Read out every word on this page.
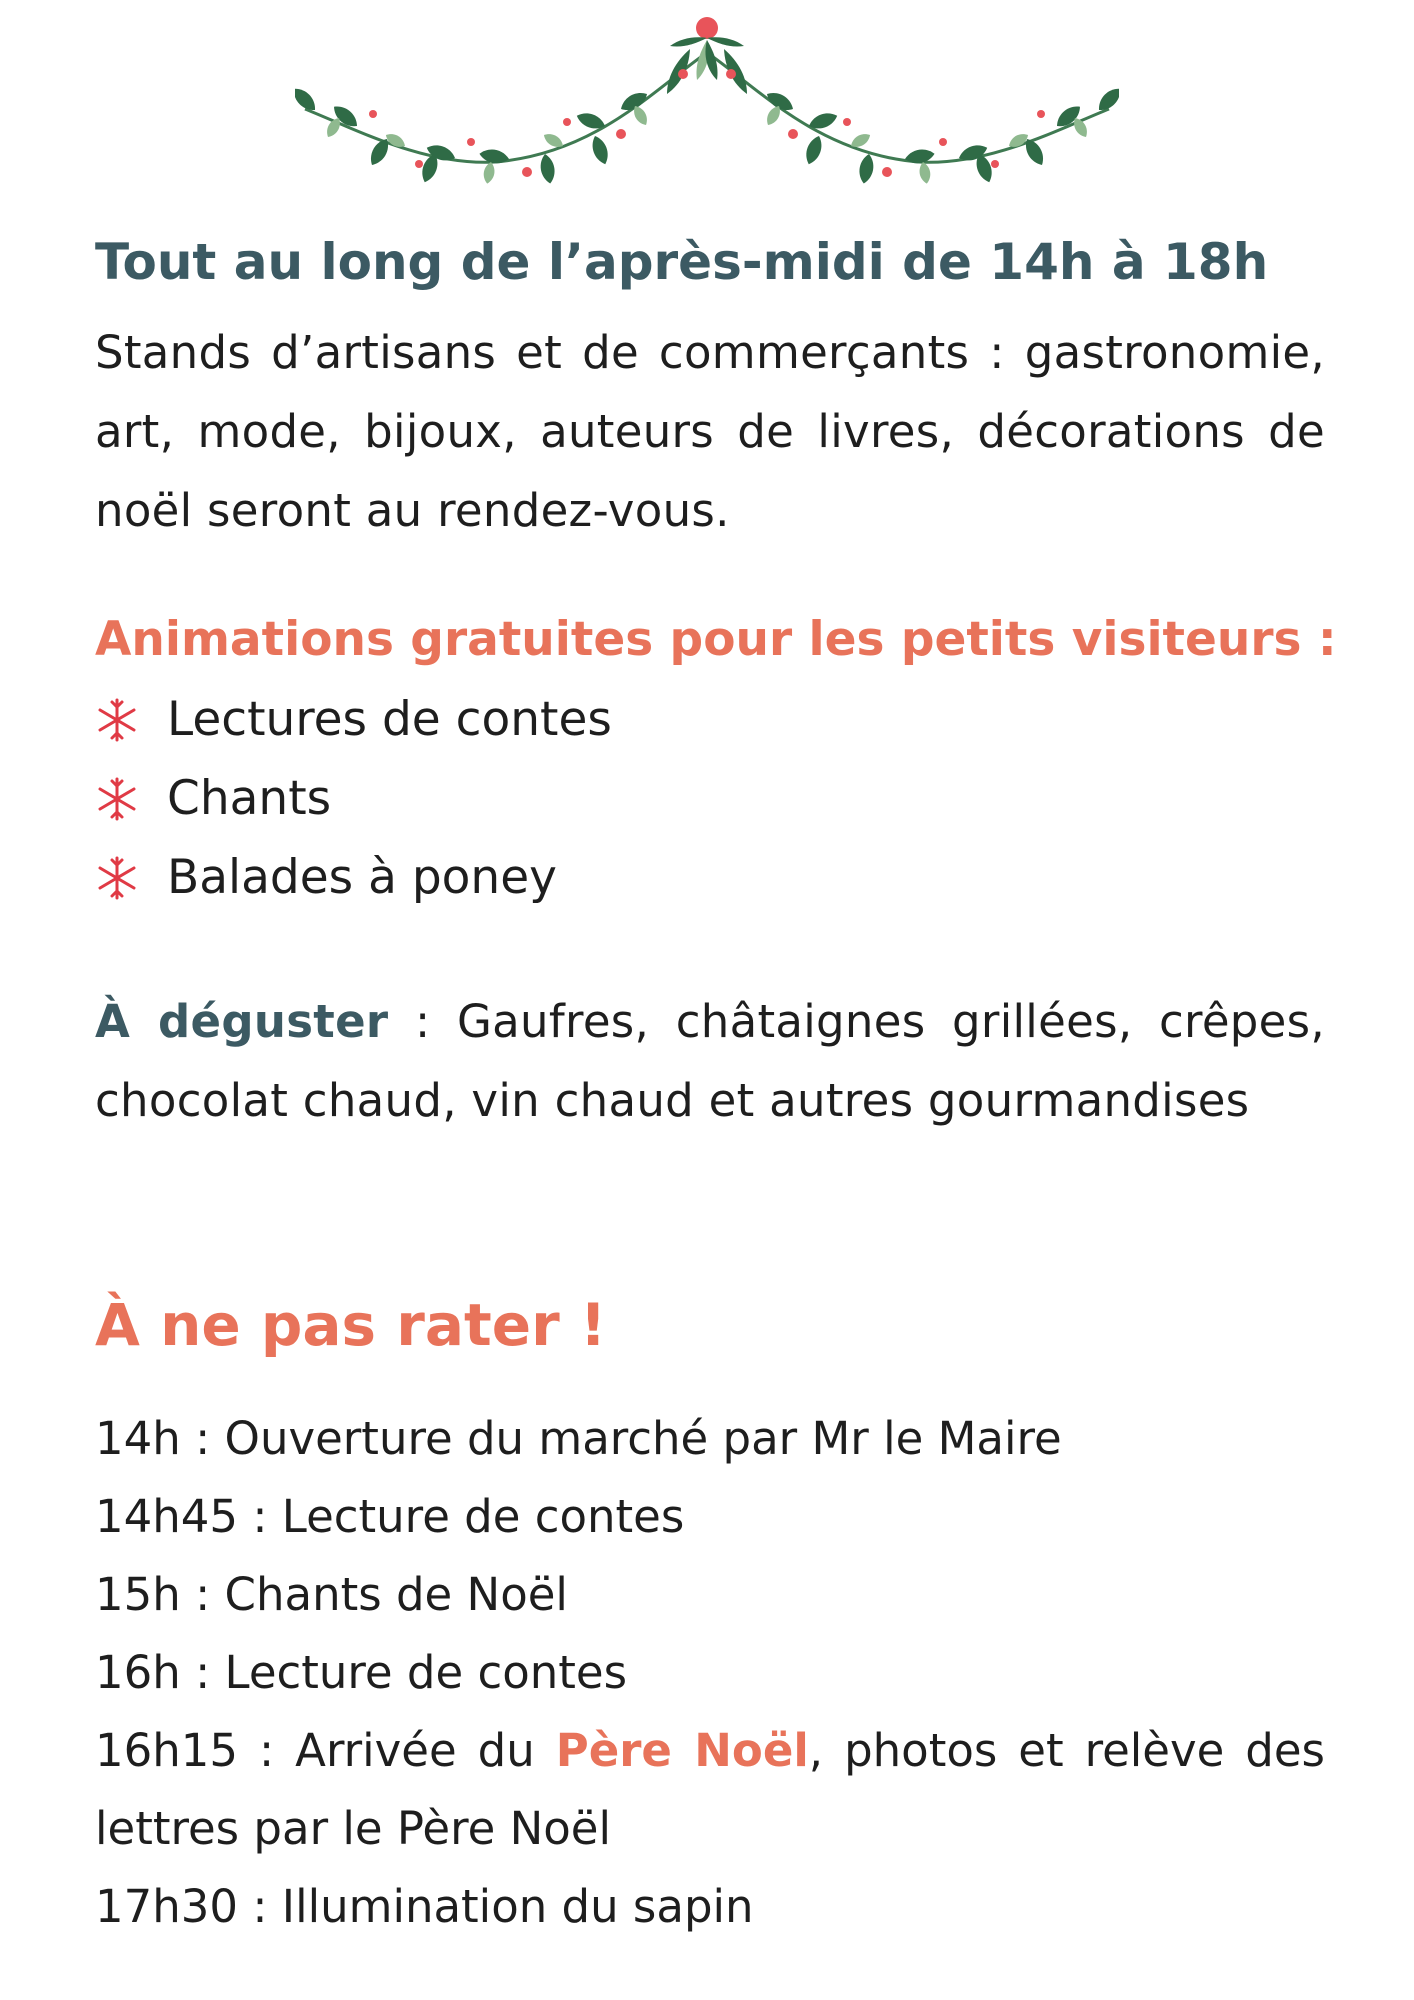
Tout au long de l’après-midi de 14h à 18h
Stands d’artisans et de commerçants : gastronomie, art, mode, bijoux, auteurs de livres, décorations de noël seront au rendez-vous.
Animations gratuites pour les petits visiteurs :
Lectures de contes
Chants
Balades à poney
À déguster : Gaufres, châtaignes grillées, crêpes, chocolat chaud, vin chaud et autres gourmandises
À ne pas rater !
14h : Ouverture du marché par Mr le Maire
14h45 : Lecture de contes
15h : Chants de Noël
16h : Lecture de contes
16h15 : Arrivée du Père Noël, photos et relève des lettres par le Père Noël
17h30 : Illumination du sapin
